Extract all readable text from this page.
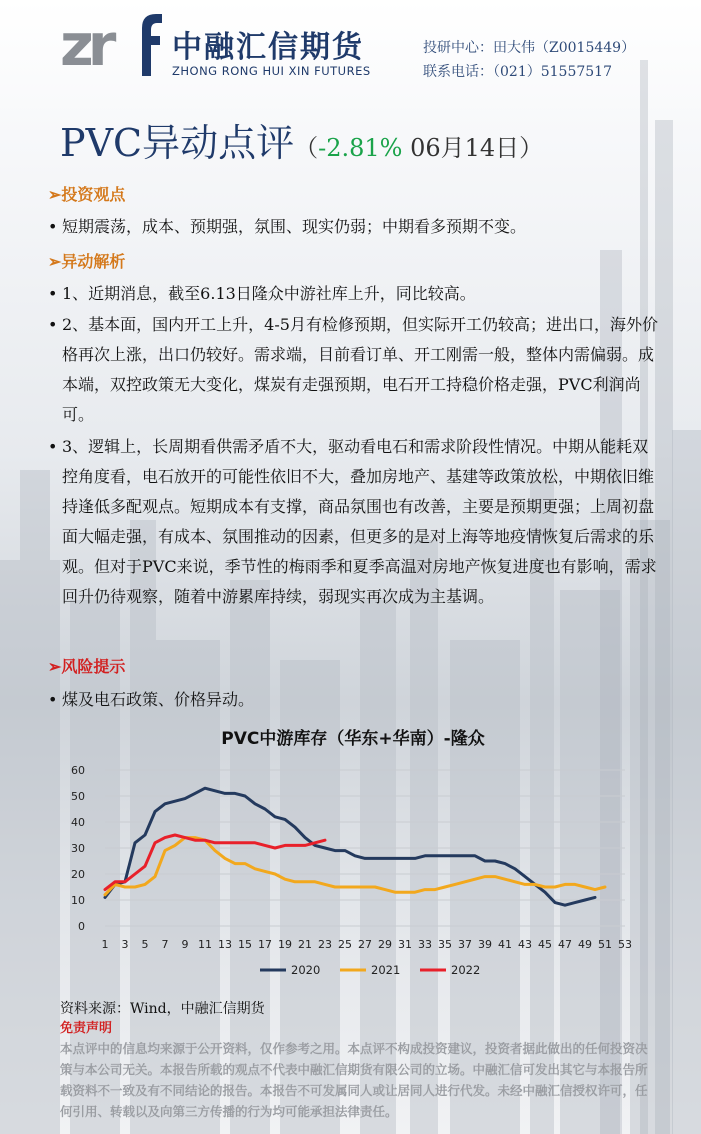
zr 中融汇信期货
ZHONG RONG HUI XIN FUTURES
投研中心：田大伟（Z0015449）
联系电话：（021）51557517
PVC异动点评（-2.81% 06月14日）
➢投资观点
• 短期震荡，成本、预期强，氛围、现实仍弱；中期看多预期不变。
➢异动解析
• 1、近期消息，截至6.13日隆众中游社库上升，同比较高。
• 2、基本面，国内开工上升，4-5月有检修预期，但实际开工仍较高；进出口，海外价格再次上涨，出口仍较好。需求端，目前看订单、开工刚需一般，整体内需偏弱。成本端，双控政策无大变化，煤炭有走强预期，电石开工持稳价格走强，PVC利润尚可。
• 3、逻辑上，长周期看供需矛盾不大，驱动看电石和需求阶段性情况。中期从能耗双控角度看，电石放开的可能性依旧不大，叠加房地产、基建等政策放松，中期依旧维持逢低多配观点。短期成本有支撑，商品氛围也有改善，主要是预期更强；上周初盘面大幅走强，有成本、氛围推动的因素，但更多的是对上海等地疫情恢复后需求的乐观。但对于PVC来说，季节性的梅雨季和夏季高温对房地产恢复进度也有影响，需求回升仍待观察，随着中游累库持续，弱现实再次成为主基调。
➢风险提示
• 煤及电石政策、价格异动。
PVC中游库存（华东+华南）-隆众
0
10
20
30
40
50
60
1 3 5 7 9 11 13 15 17 19 21 23 25 27 29 31 33 35 37 39 41 43 45 47 49 51 53
2020	2021	2022
资料来源：Wind，中融汇信期货
免责声明
本点评中的信息均来源于公开资料，仅作参考之用。本点评不构成投资建议，投资者据此做出的任何投资决策与本公司无关。本报告所载的观点不代表中融汇信期货有限公司的立场。中融汇信可发出其它与本报告所载资料不一致及有不同结论的报告。本报告不可发属同人或让居同人进行代发。未经中融汇信授权许可，任何引用、转载以及向第三方传播的行为均可能承担法律责任。
